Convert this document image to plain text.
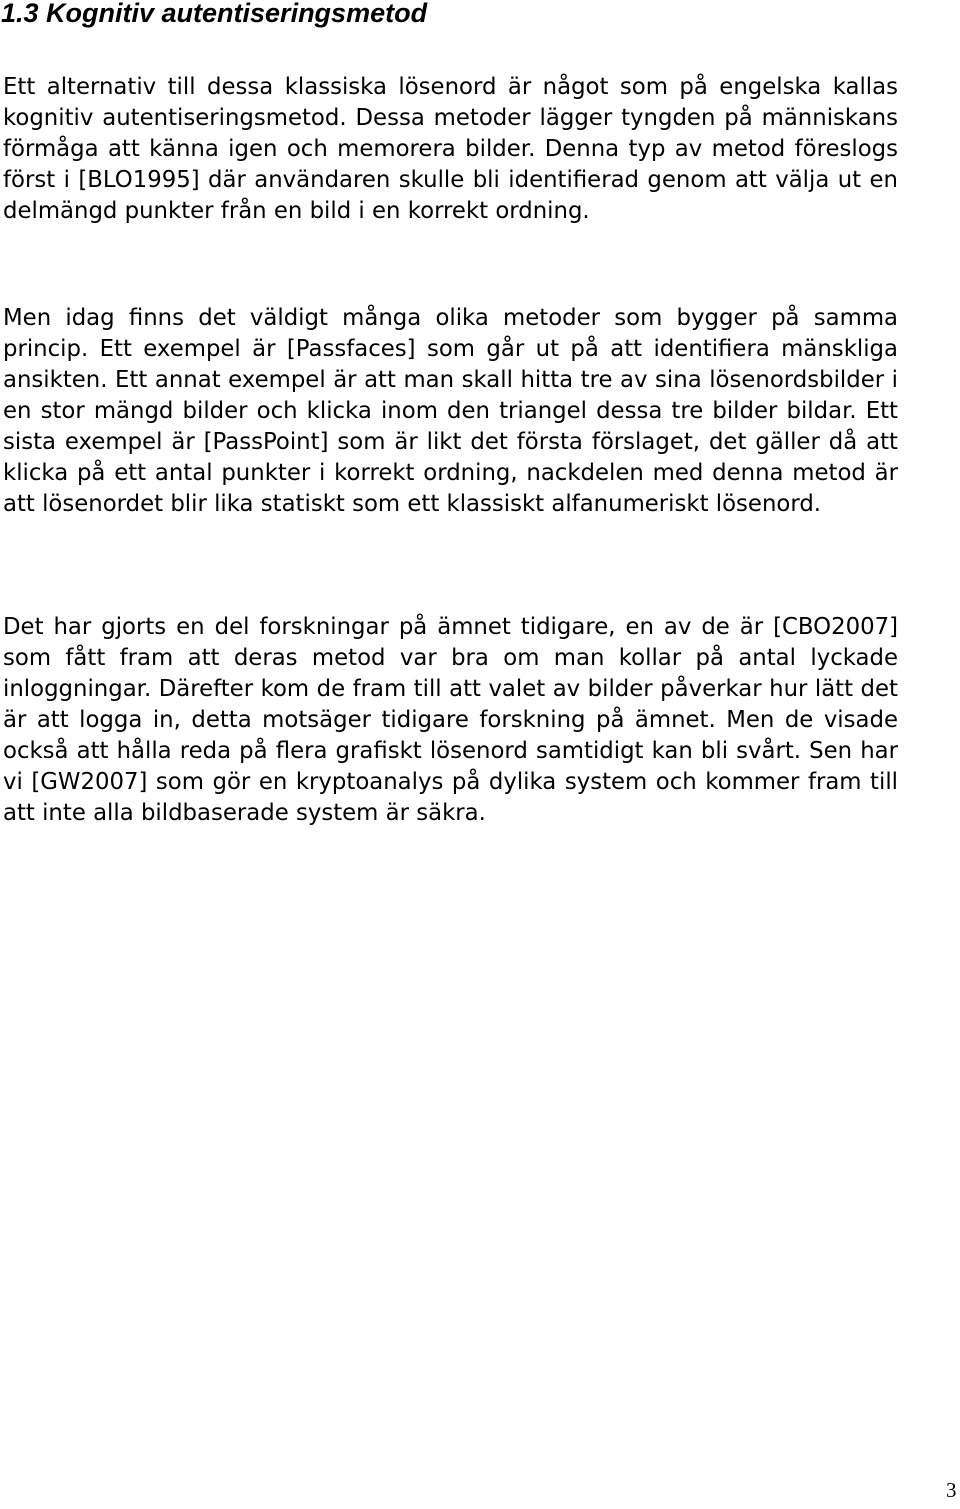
1.3 Kognitiv autentiseringsmetod

Ett alternativ till dessa klassiska lösenord är något som på engelska kallas kognitiv autentiseringsmetod. Dessa metoder lägger tyngden på människans förmåga att känna igen och memorera bilder. Denna typ av metod föreslogs först i [BLO1995] där användaren skulle bli identifierad genom att välja ut en delmängd punkter från en bild i en korrekt ordning.

Men idag finns det väldigt många olika metoder som bygger på samma princip. Ett exempel är [Passfaces] som går ut på att identifiera mänskliga ansikten. Ett annat exempel är att man skall hitta tre av sina lösenordsbilder i en stor mängd bilder och klicka inom den triangel dessa tre bilder bildar. Ett sista exempel är [PassPoint] som är likt det första förslaget, det gäller då att klicka på ett antal punkter i korrekt ordning, nackdelen med denna metod är att lösenordet blir lika statiskt som ett klassiskt alfanumeriskt lösenord.

Det har gjorts en del forskningar på ämnet tidigare, en av de är [CBO2007] som fått fram att deras metod var bra om man kollar på antal lyckade inloggningar. Därefter kom de fram till att valet av bilder påverkar hur lätt det är att logga in, detta motsäger tidigare forskning på ämnet. Men de visade också att hålla reda på flera grafiskt lösenord samtidigt kan bli svårt. Sen har vi [GW2007] som gör en kryptoanalys på dylika system och kommer fram till att inte alla bildbaserade system är säkra.

3
